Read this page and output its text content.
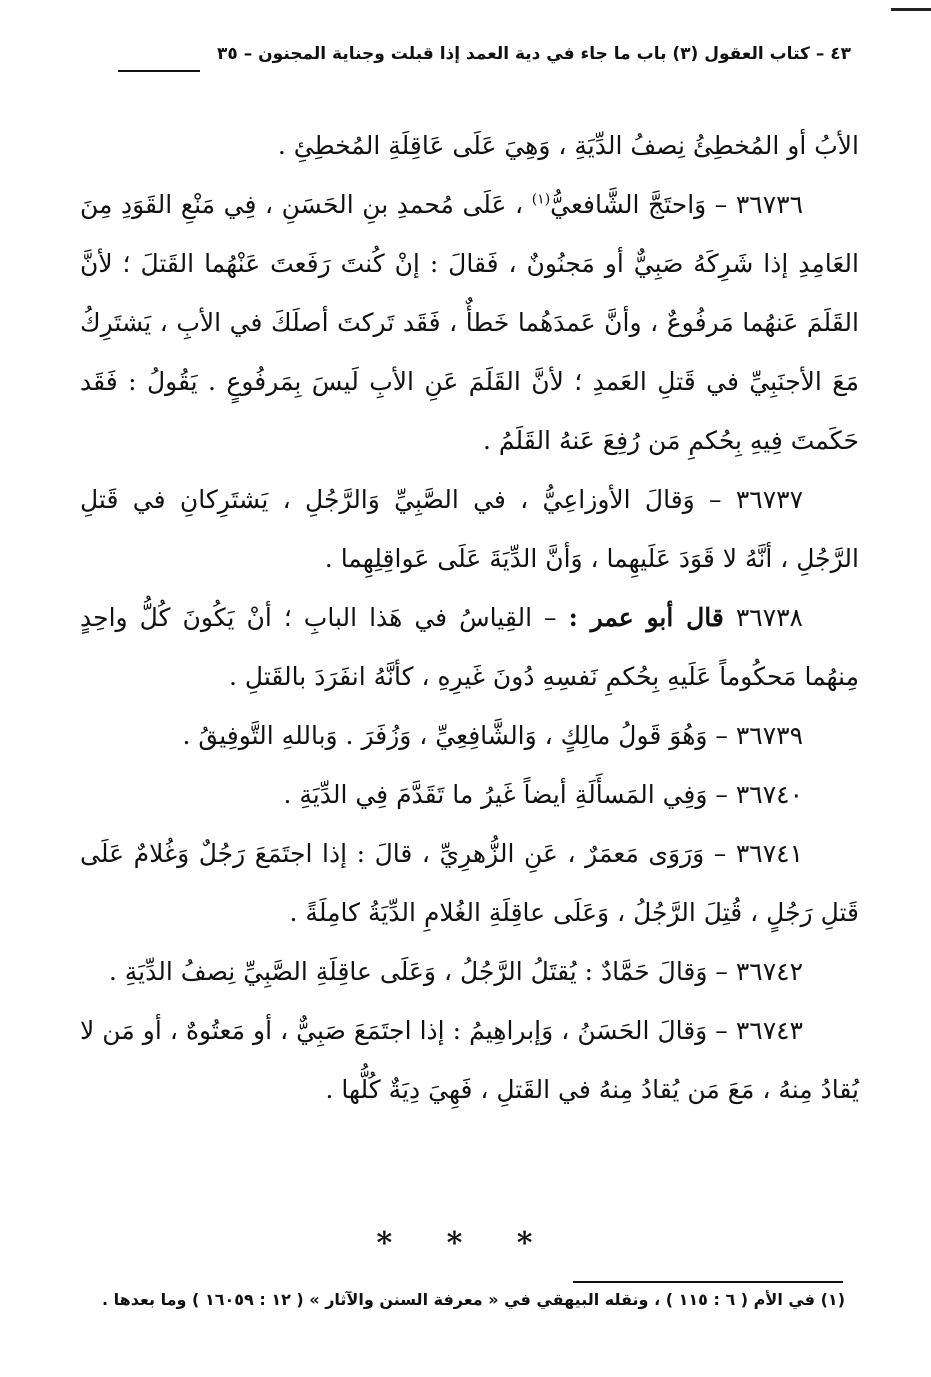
٤٣ – كتاب العقول (٣) باب ما جاء في دية العمد إذا قبلت وجناية المجنون – ٣٥

الأبُ أو المُخطِئُ نِصفُ الدِّيَةِ ، وَهِيَ عَلَى عَاقِلَةِ المُخطِئِ .

٣٦٧٣٦ – وَاحتَجَّ الشَّافعيُّ$^{(١)}$ ، عَلَى مُحمدِ بنِ الحَسَنِ ، فِي مَنْعِ القَوَدِ مِنَ العَامِدِ إذا شَرِكَهُ صَبِيٌّ أو مَجنُونٌ ، فَقالَ : إنْ كُنتَ رَفَعتَ عَنْهُما القَتلَ ؛ لأنَّ القَلَمَ عَنهُما مَرفُوعٌ ، وأنَّ عَمدَهُما خَطأٌ ، فَقَد تَركتَ أصلَكَ في الأبِ ، يَشتَرِكُ مَعَ الأجنَبِيِّ في قَتلِ العَمدِ ؛ لأنَّ القَلَمَ عَنِ الأبِ لَيسَ بِمَرفُوعٍ . يَقُولُ : فَقَد حَكَمتَ فِيهِ بِحُكمِ مَن رُفِعَ عَنهُ القَلَمُ .

٣٦٧٣٧ – وَقالَ الأوزاعِيُّ ، في الصَّبِيِّ وَالرَّجُلِ ، يَشتَرِكانِ في قَتلِ الرَّجُلِ ، أنَّهُ لا قَوَدَ عَلَيهِما ، وَأنَّ الدِّيَةَ عَلَى عَواقِلِهِما .

٣٦٧٣٨ قال أبو عمر : – القِياسُ في هَذا البابِ ؛ أنْ يَكُونَ كُلُّ واحِدٍ مِنهُما مَحكُوماً عَلَيهِ بِحُكمِ نَفسِهِ دُونَ غَيرِهِ ، كأنَّهُ انفَرَدَ بالقَتلِ .

٣٦٧٣٩ – وَهُوَ قَولُ مالِكٍ ، وَالشَّافِعِيِّ ، وَزُفَرَ . وَباللهِ التَّوفِيقُ .

٣٦٧٤٠ – وَفِي المَسأَلَةِ أيضاً غَيرُ ما تَقَدَّمَ فِي الدِّيَةِ .

٣٦٧٤١ – وَرَوَى مَعمَرٌ ، عَنِ الزُّهرِيِّ ، قالَ : إذا اجتَمَعَ رَجُلٌ وَغُلامٌ عَلَى قَتلِ رَجُلٍ ، قُتِلَ الرَّجُلُ ، وَعَلَى عاقِلَةِ الغُلامِ الدِّيَةُ كامِلَةً .

٣٦٧٤٢ – وَقالَ حَمَّادٌ : يُقتَلُ الرَّجُلُ ، وَعَلَى عاقِلَةِ الصَّبِيِّ نِصفُ الدِّيَةِ .

٣٦٧٤٣ – وَقالَ الحَسَنُ ، وَإبراهِيمُ : إذا اجتَمَعَ صَبِيٌّ ، أو مَعتُوهٌ ، أو مَن لا يُقادُ مِنهُ ، مَعَ مَن يُقادُ مِنهُ في القَتلِ ، فَهِيَ دِيَةٌ كُلُّها .

* * *
(١) في الأم ( ٦ : ١١٥ ) ، ونقله البيهقي في « معرفة السنن والآثار » ( ١٢ : ١٦٠٥٩ ) وما بعدها .
